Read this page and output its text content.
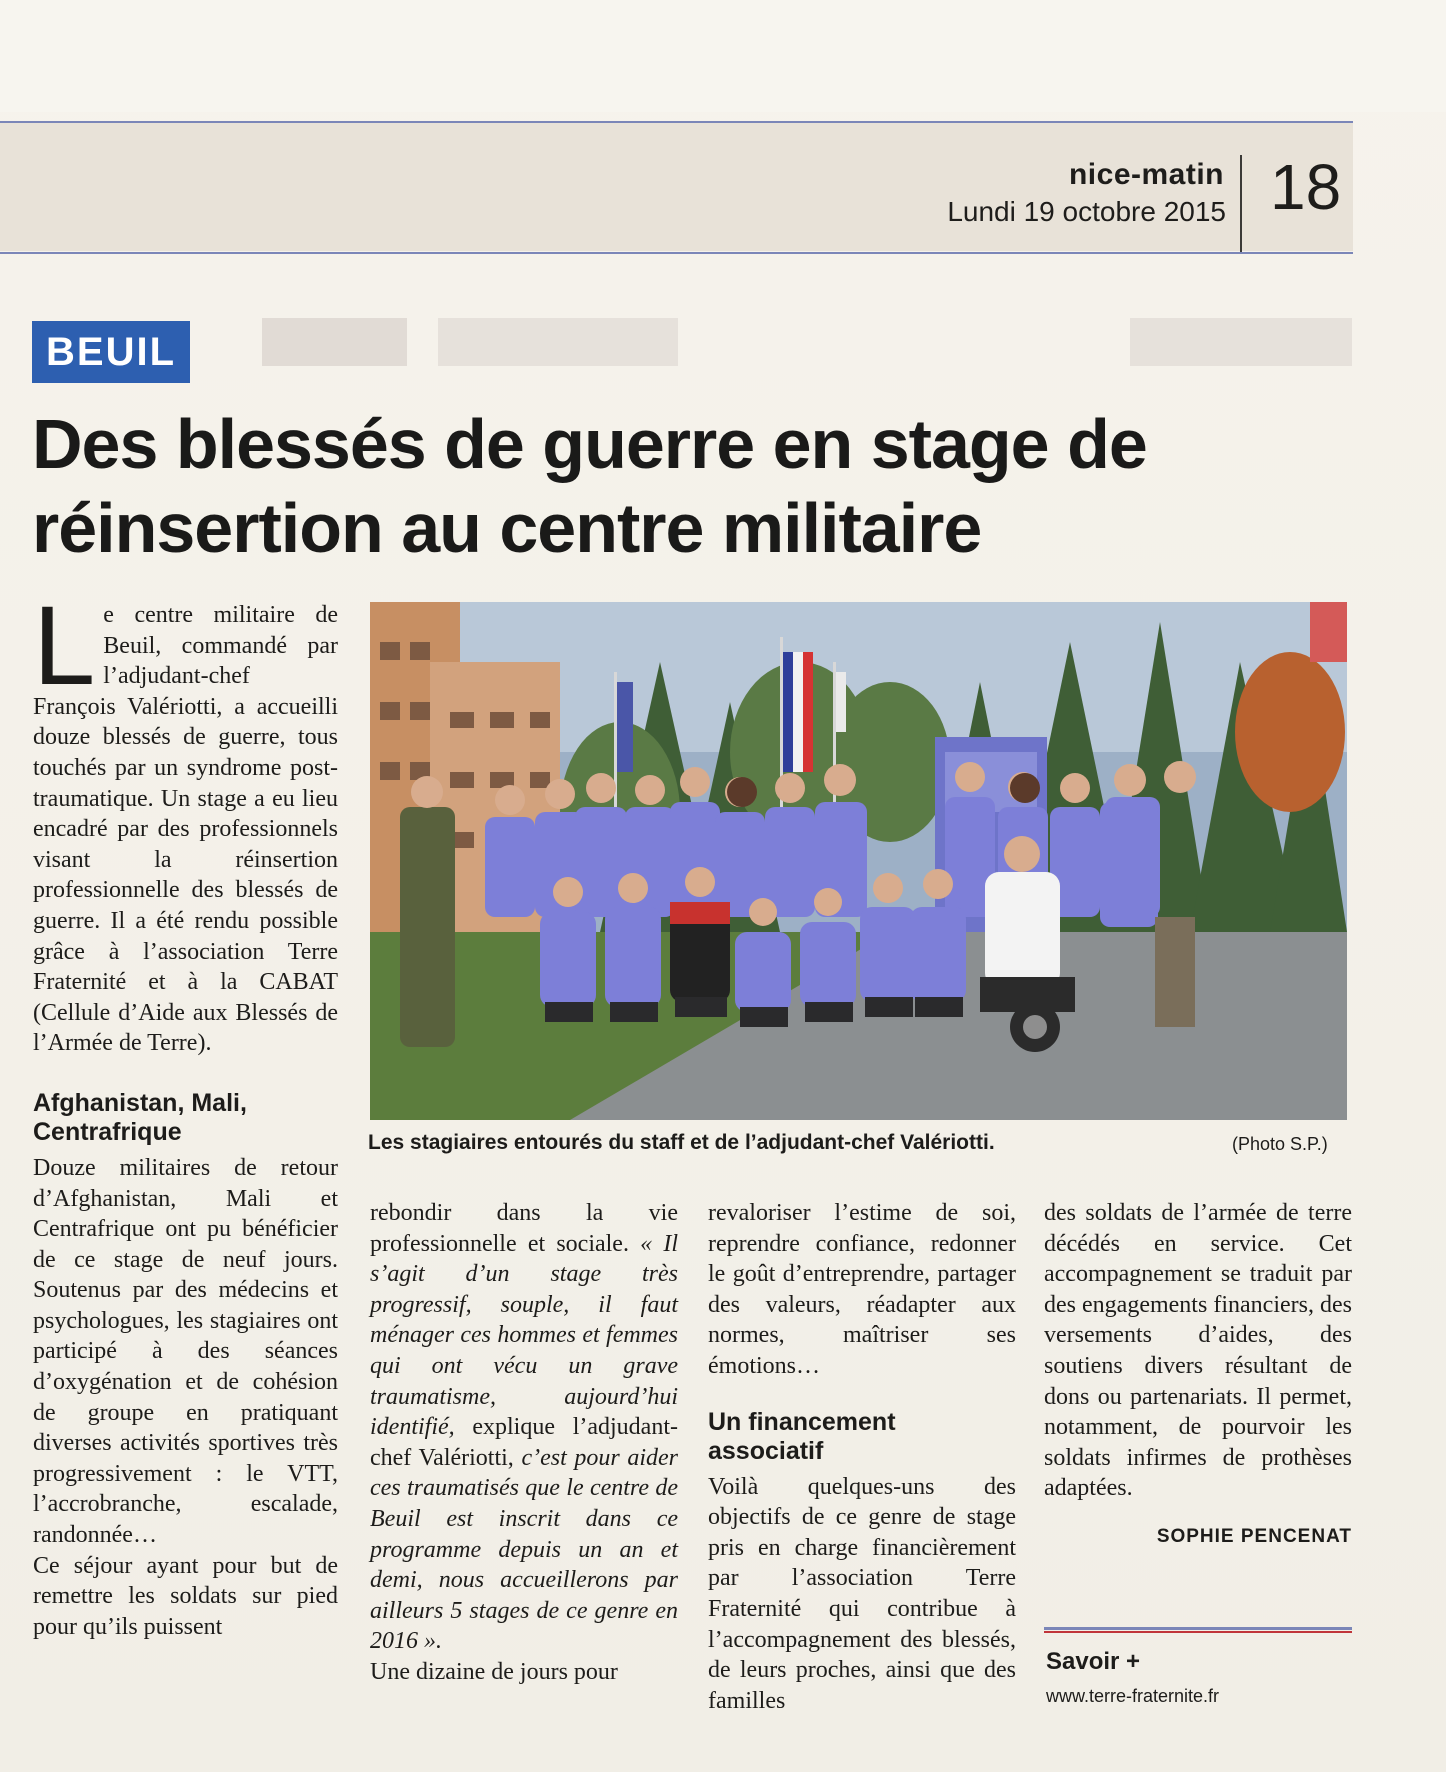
nice-matin
Lundi 19 octobre 2015 18
BEUIL
Des blessés de guerre en stage de réinsertion au centre militaire
Les stagiaires entourés du staff et de l’adjudant-chef Valériotti.	(Photo S.P.)

Le centre militaire de Beuil, commandé par l’adjudant-chef François Valériotti, a accueilli douze blessés de guerre, tous touchés par un syndrome post-traumatique. Un stage a eu lieu encadré par des professionnels visant la réinsertion professionnelle des blessés de guerre. Il a été rendu possible grâce à l’association Terre Fraternité et à la CABAT (Cellule d’Aide aux Blessés de l’Armée de Terre).

Afghanistan, Mali, Centrafrique

Douze militaires de retour d’Afghanistan, Mali et Centrafrique ont pu bénéficier de ce stage de neuf jours. Soutenus par des médecins et psychologues, les stagiaires ont participé à des séances d’oxygénation et de cohésion de groupe en pratiquant diverses activités sportives très progressivement : le VTT, l’accrobranche, escalade, randonnée…

Ce séjour ayant pour but de remettre les soldats sur pied pour qu’ils puissent

rebondir dans la vie professionnelle et sociale. « Il s’agit d’un stage très progressif, souple, il faut ménager ces hommes et femmes qui ont vécu un grave traumatisme, aujourd’hui identifié, explique l’adjudant-chef Valériotti, c’est pour aider ces traumatisés que le centre de Beuil est inscrit dans ce programme depuis un an et demi, nous accueillerons par ailleurs 5 stages de ce genre en 2016 ».

Une dizaine de jours pour

revaloriser l’estime de soi, reprendre confiance, redonner le goût d’entreprendre, partager des valeurs, réadapter aux normes, maîtriser ses émotions…

Un financement associatif

Voilà quelques-uns des objectifs de ce genre de stage pris en charge financièrement par l’association Terre Fraternité qui contribue à l’accompagnement des blessés, de leurs proches, ainsi que des familles

des soldats de l’armée de terre décédés en service. Cet accompagnement se traduit par des engagements financiers, des versements d’aides, des soutiens divers résultant de dons ou partenariats. Il permet, notamment, de pourvoir les soldats infirmes de prothèses adaptées.

SOPHIE PENCENAT
Savoir +
www.terre-fraternite.fr
